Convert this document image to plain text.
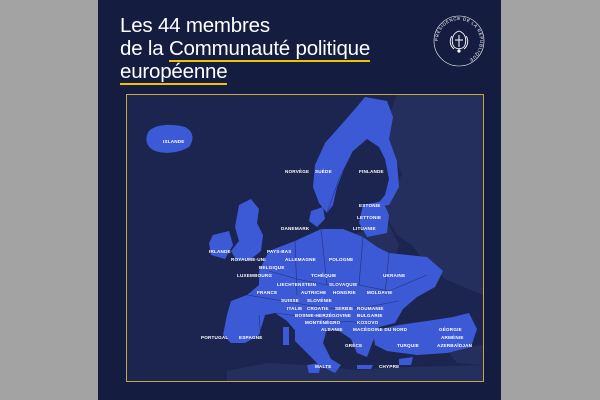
Les 44 membres
de la Communauté politique
européenne
PRÉSIDENCE DE LA RÉPUBLIQUE
ISLANDE
NORVÈGE SUÈDE	FINLANDE
ESTONIE
LETTONIE
LITUANIE
DANEMARK
IRLANDE	PAYS-BAS
ROYAUME-UNI	ALLEMAGNE	POLOGNE
BELGIQUE
LUXEMBOURG	TCHÉQUIE	UKRAINE
LIECHTENSTEIN	SLOVAQUIE
FRANCE	AUTRICHE HONGRIE MOLDAVIE
SUISSE SLOVÉNIE
ITALIE CROATIE SERBIE ROUMANIE
BOSNIE-HERZÉGOVINE BULGARIE
MONTÉNÉGRO	KOSOVO
ALBANIE MACÉDOINE DU NORD	GÉORGIE
ARMÉNIE
PORTUGAL ESPAGNE
AZERBAÏDJAN
GRÈCE	TURQUIE
MALTE	CHYPRE
